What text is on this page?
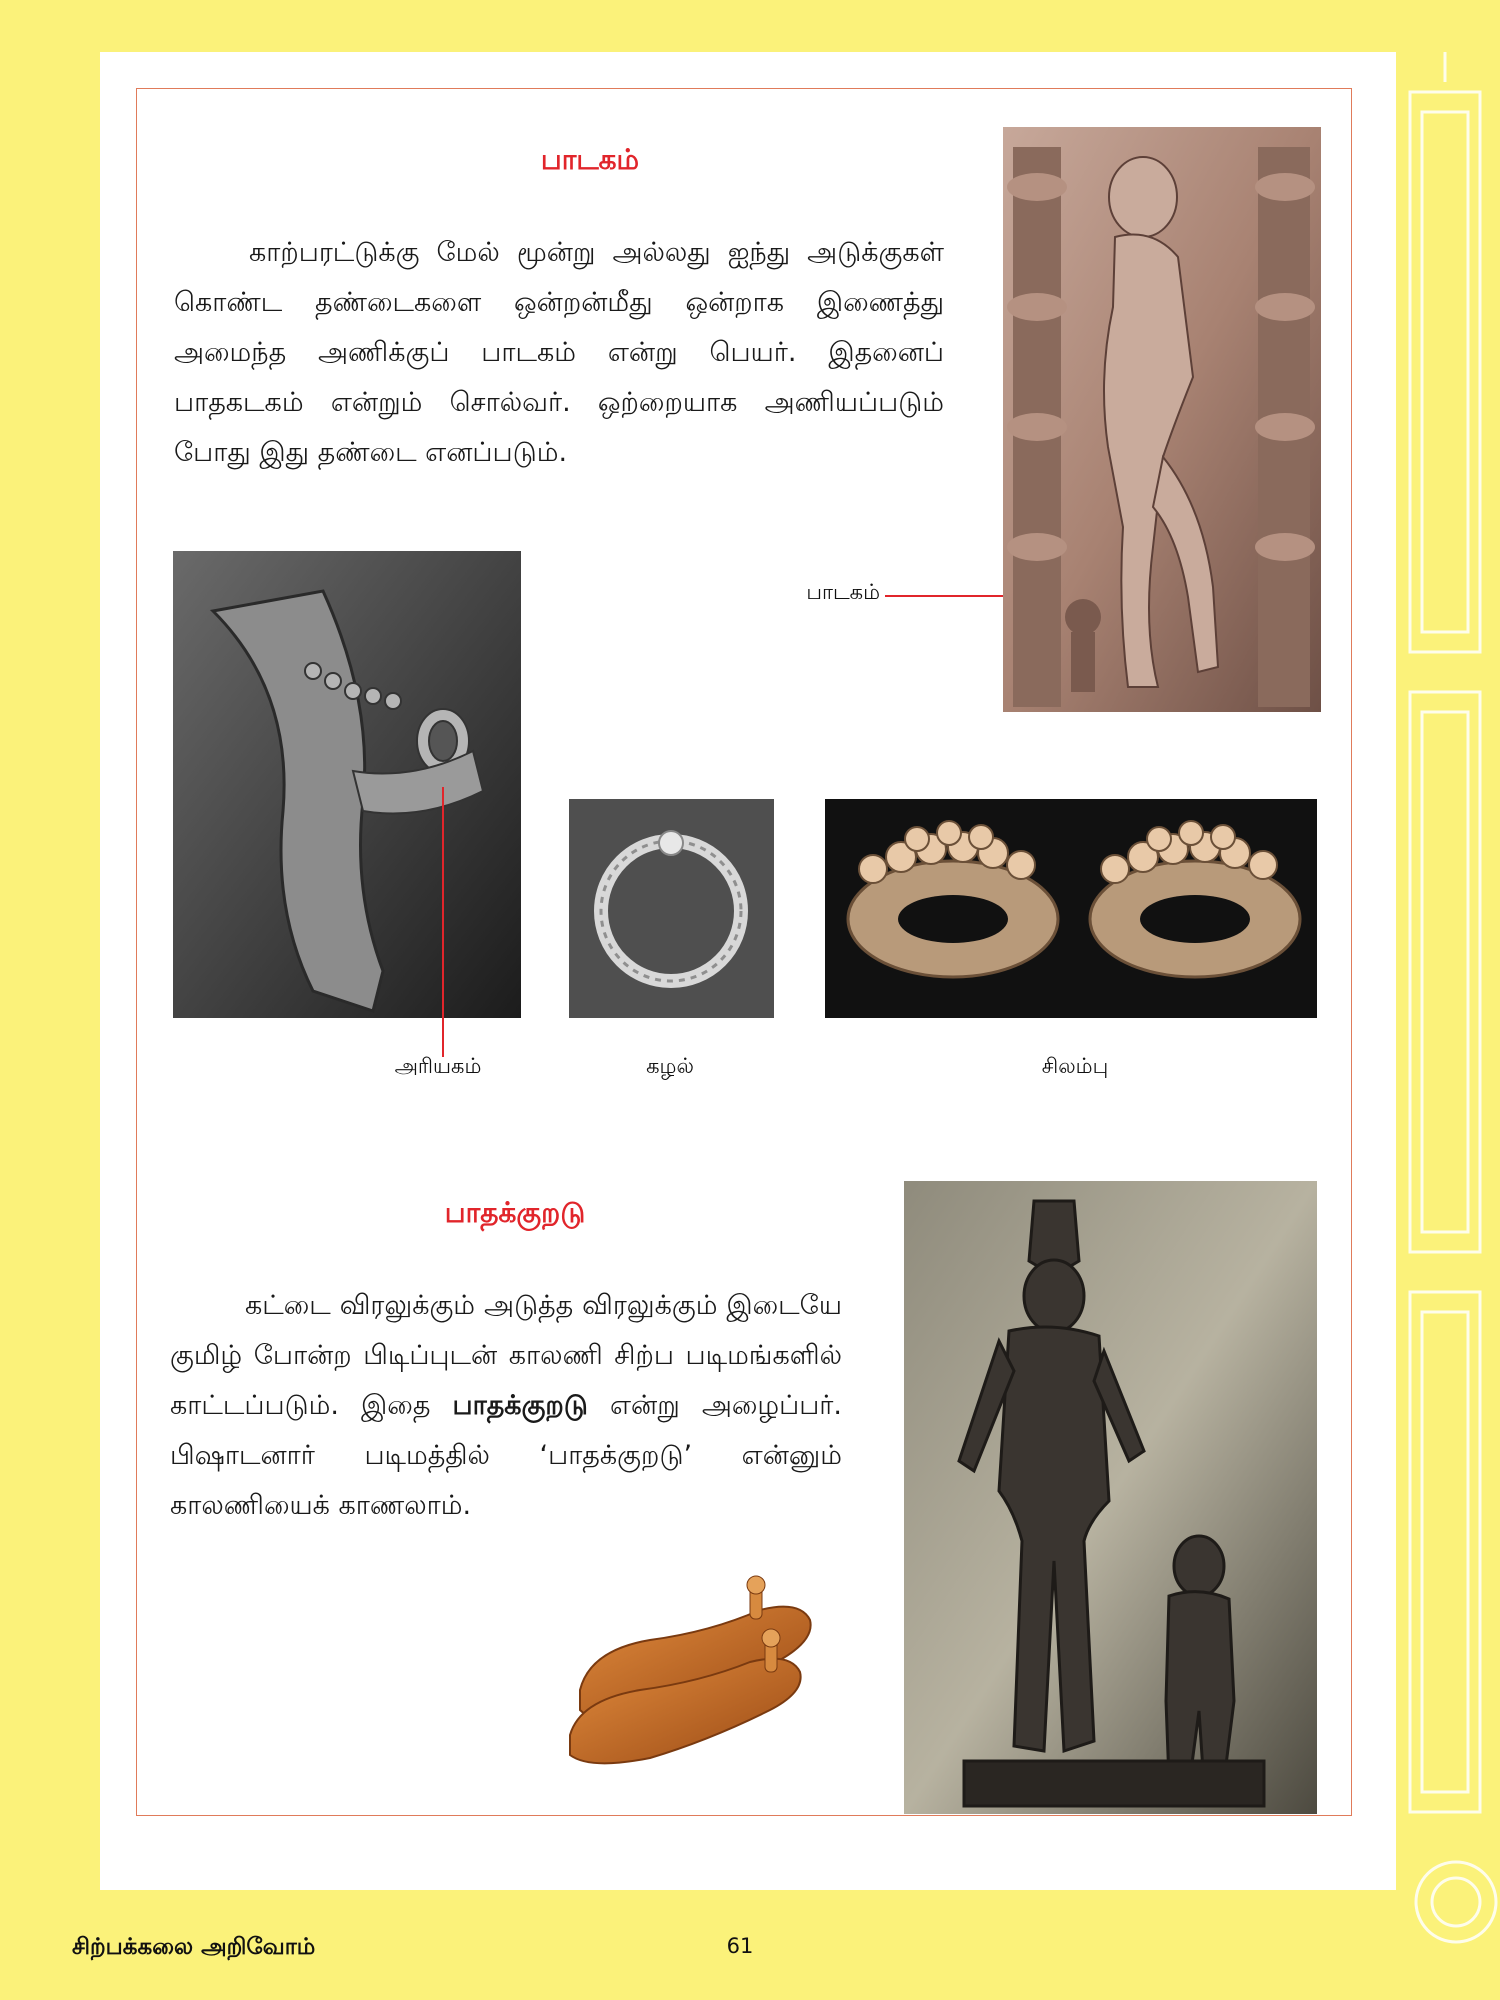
பாடகம்
காற்பரட்டுக்கு மேல் மூன்று அல்லது ஐந்து அடுக்குகள் கொண்ட தண்டைகளை ஒன்றன்மீது ஒன்றாக இணைத்து அமைந்த அணிக்குப் பாடகம் என்று பெயர். இதனைப் பாதகடகம் என்றும் சொல்வர். ஒற்றையாக அணியப்படும் போது இது தண்டை எனப்படும்.
பாடகம்
அரியகம்	கழல்	சிலம்பு
பாதக்குறடு
கட்டை விரலுக்கும் அடுத்த விரலுக்கும் இடையே குமிழ் போன்ற பிடிப்புடன் காலணி சிற்ப படிமங்களில் காட்டப்படும். இதை பாதக்குறடு என்று அழைப்பர். பிஷாடனார் படிமத்தில் ‘பாதக்குறடு’ என்னும் காலணியைக் காணலாம்.
சிற்பக்கலை அறிவோம்	61
